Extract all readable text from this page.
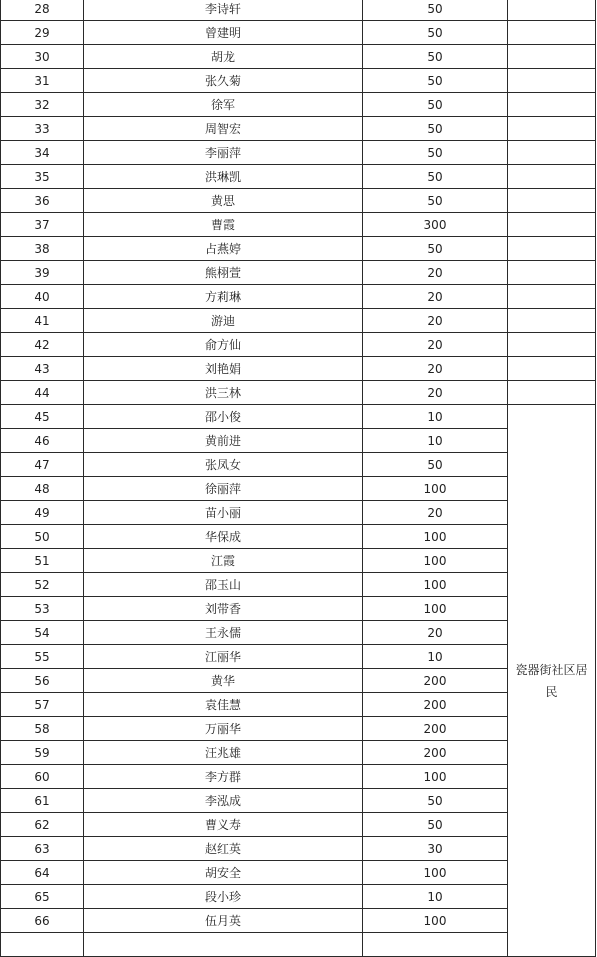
28	李诗轩	50	
29	曾建明	50	
30	胡龙	50	
31	张久菊	50	
32	徐军	50	
33	周智宏	50	
34	李丽萍	50	
35	洪琳凯	50	
36	黄思	50	
37	曹霞	300	
38	占燕婷	50	
39	熊栩萱	20	
40	方莉琳	20	
41	游迪	20	
42	俞方仙	20	
43	刘艳娟	20	
44	洪三林	20	
45	邵小俊	10	瓷器街社区居民
46	黄前进	10	
47	张凤女	50	
48	徐丽萍	100	
49	苗小丽	20	
50	华保成	100	
51	江霞	100	
52	邵玉山	100	
53	刘带香	100	
54	王永儒	20	
55	江丽华	10	
56	黄华	200	
57	袁佳慧	200	
58	万丽华	200	
59	汪兆雄	200	
60	李方群	100	
61	李泓成	50	
62	曹义寿	50	
63	赵红英	30	
64	胡安全	100	
65	段小珍	10	
66	伍月英	100	
